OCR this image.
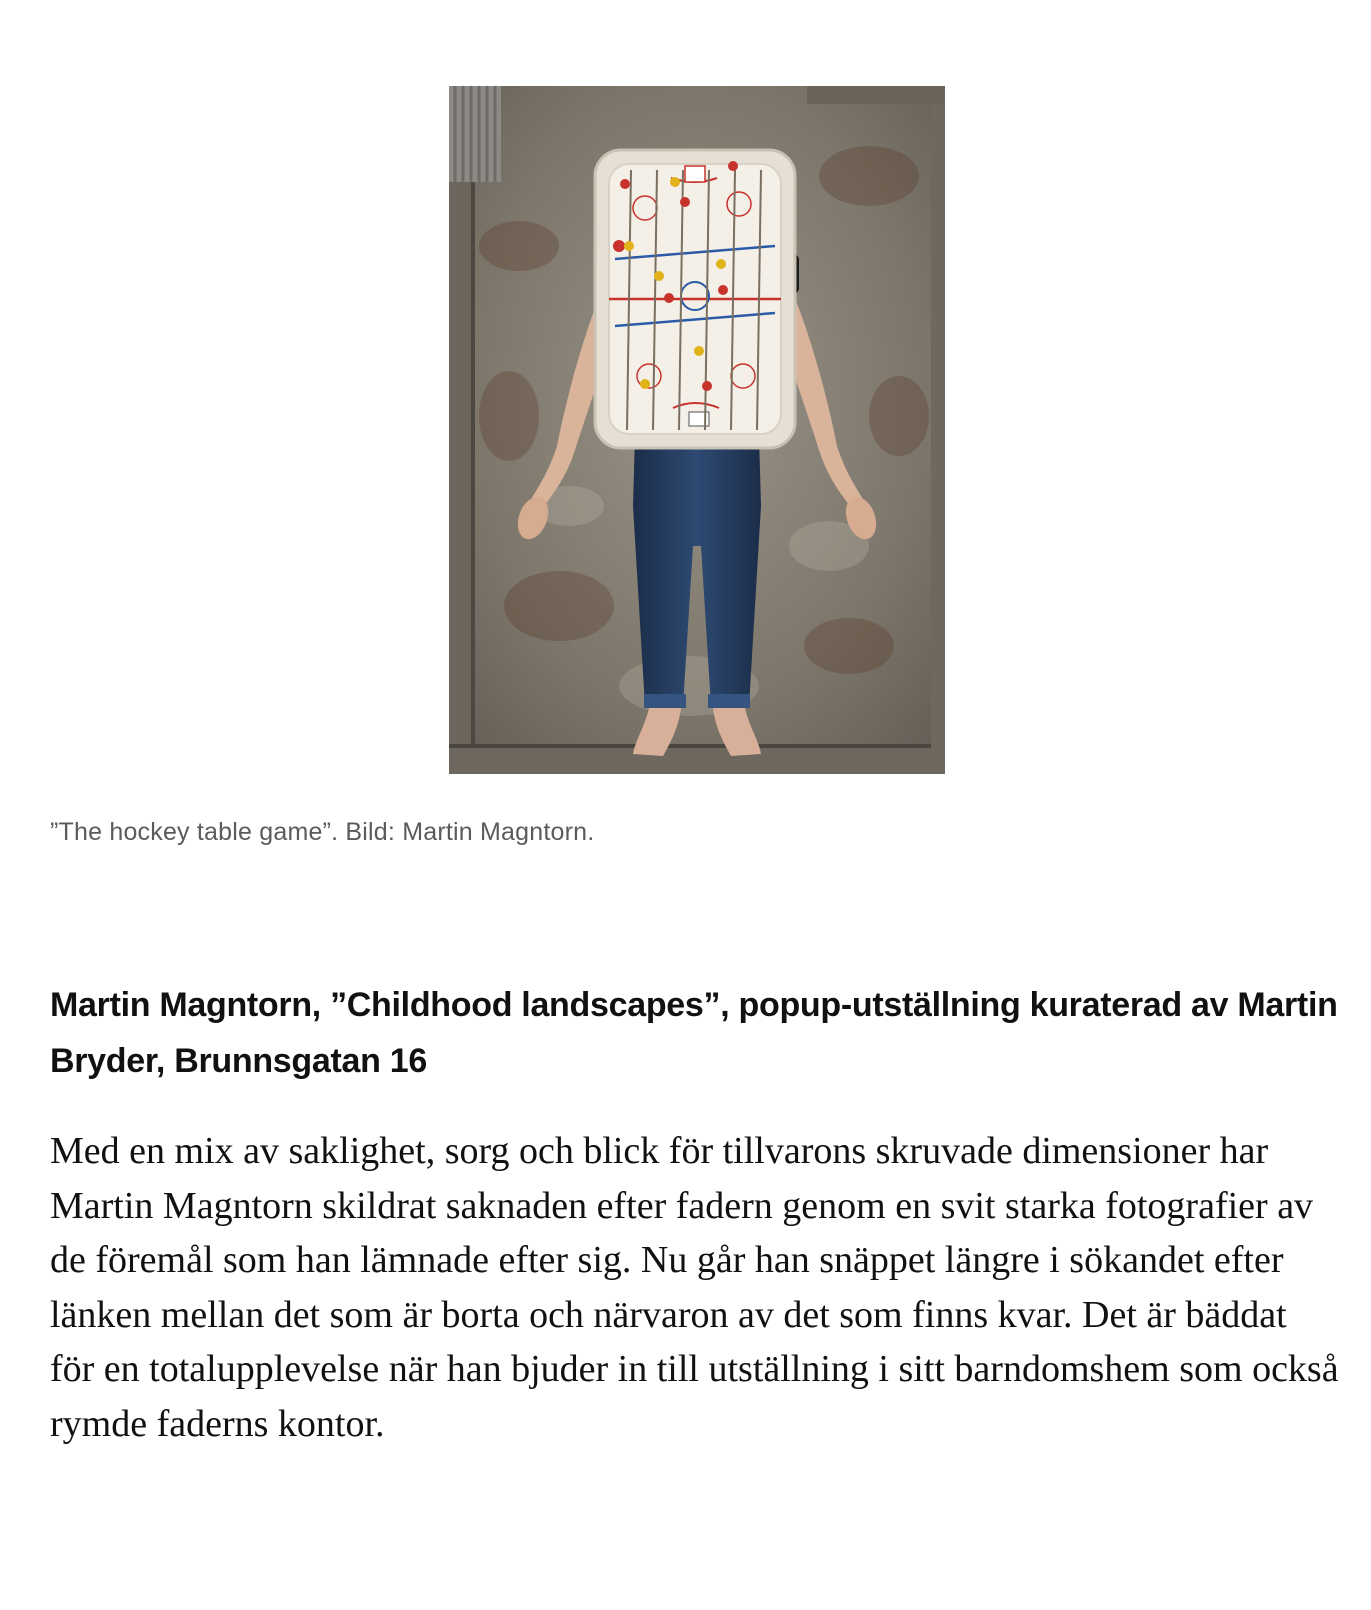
”The hockey table game”. Bild: Martin Magntorn.
Martin Magntorn, ”Childhood landscapes”, popup-utställning kuraterad av Martin Bryder, Brunnsgatan 16

Med en mix av saklighet, sorg och blick för tillvarons skruvade dimensioner har Martin Magntorn skildrat saknaden efter fadern genom en svit starka fotografier av de föremål som han lämnade efter sig. Nu går han snäppet längre i sökandet efter länken mellan det som är borta och närvaron av det som finns kvar. Det är bäddat för en totalupplevelse när han bjuder in till utställning i sitt barndomshem som också rymde faderns kontor.
